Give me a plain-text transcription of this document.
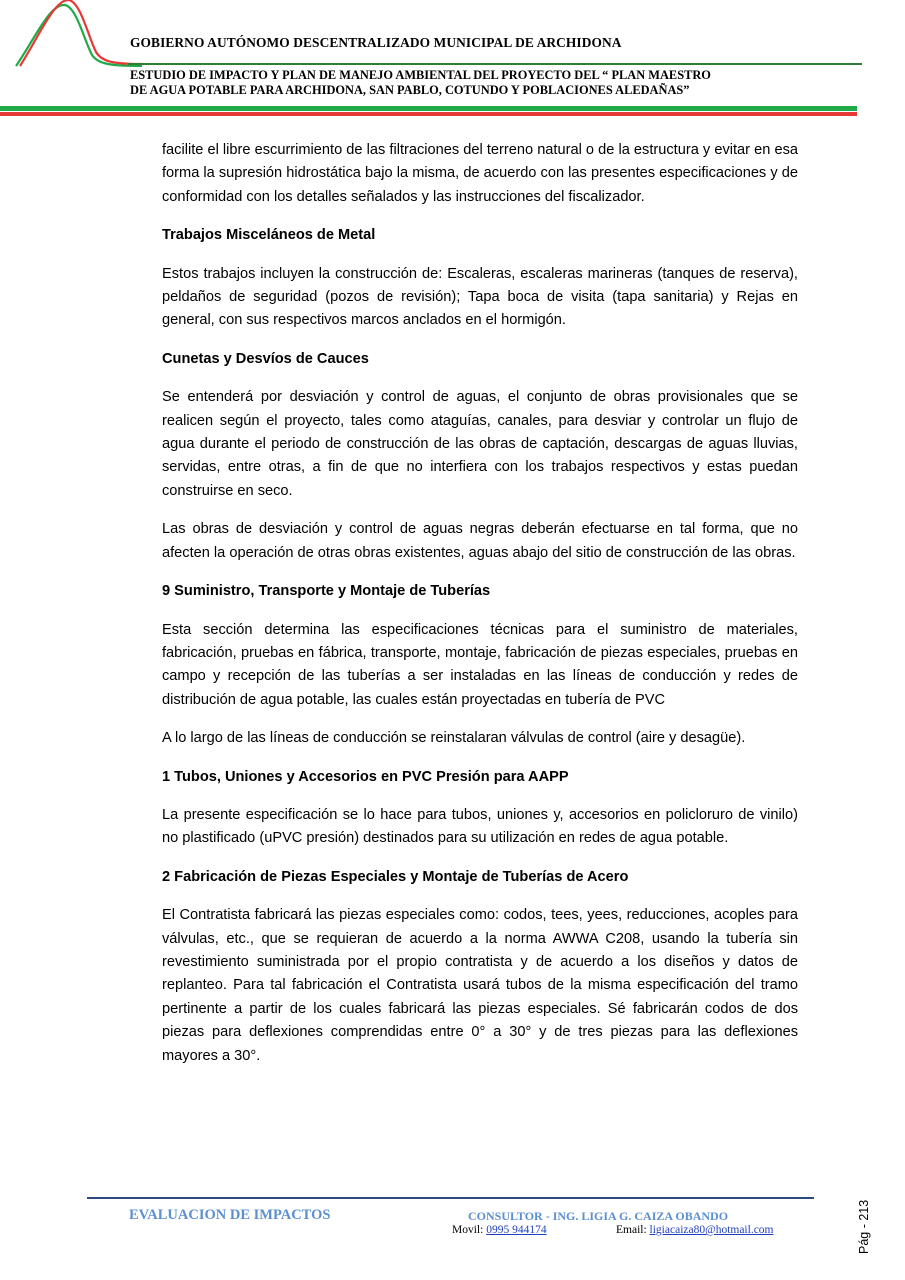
GOBIERNO AUTÓNOMO DESCENTRALIZADO MUNICIPAL DE ARCHIDONA
ESTUDIO DE IMPACTO Y PLAN DE MANEJO AMBIENTAL DEL PROYECTO DEL “ PLAN MAESTRO
DE AGUA POTABLE PARA ARCHIDONA, SAN PABLO, COTUNDO Y POBLACIONES ALEDAÑAS”

facilite el libre escurrimiento de las filtraciones del terreno natural o de la estructura y evitar en esa forma la supresión hidrostática bajo la misma, de acuerdo con las presentes especificaciones y de conformidad con los detalles señalados y las instrucciones del fiscalizador.

Trabajos Misceláneos de Metal

Estos trabajos incluyen la construcción de: Escaleras, escaleras marineras (tanques de reserva), peldaños de seguridad (pozos de revisión); Tapa boca de visita (tapa sanitaria) y Rejas en general, con sus respectivos marcos anclados en el hormigón.

Cunetas y Desvíos de Cauces

Se entenderá por desviación y control de aguas, el conjunto de obras provisionales que se realicen según el proyecto, tales como ataguías, canales, para desviar y controlar un flujo de agua durante el periodo de construcción de las obras de captación, descargas de aguas lluvias, servidas, entre otras, a fin de que no interfiera con los trabajos respectivos y estas puedan construirse en seco.

Las obras de desviación y control de aguas negras deberán efectuarse en tal forma, que no afecten la operación de otras obras existentes, aguas abajo del sitio de construcción de las obras.

9 Suministro, Transporte y Montaje de Tuberías

Esta sección determina las especificaciones técnicas para el suministro de materiales, fabricación, pruebas en fábrica, transporte, montaje, fabricación de piezas especiales, pruebas en campo y recepción de las tuberías a ser instaladas en las líneas de conducción y redes de distribución de agua potable, las cuales están proyectadas en tubería de PVC

A lo largo de las líneas de conducción se reinstalaran válvulas de control (aire y desagüe).

1 Tubos, Uniones y Accesorios en PVC Presión para AAPP

La presente especificación se lo hace para tubos, uniones y, accesorios en policloruro de vinilo) no plastificado (uPVC presión) destinados para su utilización en redes de agua potable.

2 Fabricación de Piezas Especiales y Montaje de Tuberías de Acero

El Contratista fabricará las piezas especiales como: codos, tees, yees, reducciones, acoples para válvulas, etc., que se requieran de acuerdo a la norma AWWA C208, usando la tubería sin revestimiento suministrada por el propio contratista y de acuerdo a los diseños y datos de replanteo. Para tal fabricación el Contratista usará tubos de la misma especificación del tramo pertinente a partir de los cuales fabricará las piezas especiales. Sé fabricarán codos de dos piezas para deflexiones comprendidas entre 0° a 30° y de tres piezas para las deflexiones mayores a 30°.

EVALUACION DE IMPACTOS	CONSULTOR - ING. LIGIA G. CAIZA OBANDO
Movil: 0995 944174	Email: ligiacaiza80@hotmail.com	Pág - 213
